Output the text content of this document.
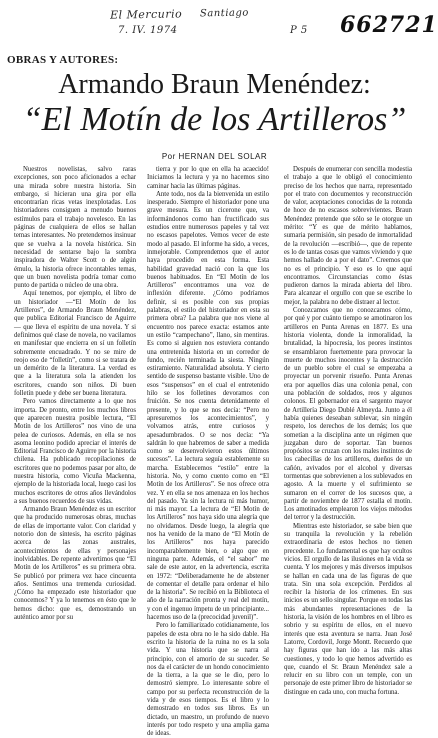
El Mercurio Santiago
7. IV. 1974	P 5 662721
OBRAS Y AUTORES:
Armando Braun Menéndez:
“El Motín de los Artilleros”
Por HERNAN DEL SOLAR

Nuestros novelistas, salvo raras excepciones, son poco aficionados a echar una mirada sobre nuestra historia. Sin embargo, si hicieran una gira por ella encontrarían ricas vetas inexplotadas. Los historiadores consiguen a menudo buenos estímulos para el trabajo novelesco. En las páginas de cualquiera de ellos se hallan temas interesantes. No pretendemos insinuar que se vuelva a la novela histórica. Sin necesidad de sentarse bajo la sombra inspiradora de Walter Scott o de algún émulo, la historia ofrece incontables temas, que un buen novelista podría tomar como punto de partida o núcleo de una obra.

Aquí tenemos, por ejemplo, el libro de un historiador —“El Motín de los Artilleros”, de Armando Braun Menéndez, que publica Editorial Francisco de Aguirre— que lleva el espíritu de una novela. Y si definimos qué clase de novela, no vacilamos en manifestar que encierra en sí un folletín sobremente encuadrado. Y no se mire de reojo eso de “folletín”, como si se tratara de un demérito de la literatura. La verdad es que a la literatura sola la atienden los escritores, cuando son niños. Di buen folletín puede y debe ser buena literatura.

Pero vamos directamente a lo que nos importa. De pronto, entre los muchos libros que aparecen nuestra posible lectura, “El Motín de los Artilleros” nos vino de una pelea de curiosos. Además, en ella se nos asoma leonino podido apreciar el interés de Editorial Francisco de Aguirre por la historia chilena. Ha publicado recopilaciones de escritores que no podemos pasar por alto, de nuestra historia, como Vicuña Mackenna, ejemplo de la historiada local, luego casi los muchos escritores de otros años llevándolos a sus buenos recuerdos de sus vidas.

Armando Braun Menéndez es un escritor que ha producido numerosas obras, muchas de ellas de importante valor. Con claridad y notorio don de síntesis, ha escrito páginas acerca de las zonas australes, acontecimientos de ellas y personajes inolvidables. De repente advertimos que “El Motín de los Artilleros” es su primera obra. Se publicó por primera vez hace cincuenta años. Sentimos una tremenda curiosidad. ¿Cómo ha empezado este historiador que conocemos? Y ya lo tenemos en ésto que le hemos dicho: que es, demostrando un auténtico amor por su

tierra y por lo que en ella ha acaecido! Iniciamos la lectura y ya no hacemos sino caminar hacia las últimas páginas.

Ante todo, nos da la bienvenida un estilo inesperado. Siempre el historiador pone una grave mesura. Es un cicerone que, va informándonos como han fructificado sus estudios entre numerosos papeles y tal vez no escasos papelotes. Vemos vecer de este modo al pasado. El informe ha sido, a veces, inmejorable. Comprendemos que el autor haya procedido en esta forma. Esta habilidad gravedad nació con la que los buenos habituados. En “El Motín de los Artilleros” encontramos una voz de inflexión diferente. ¿Cómo podríamos definir, si es posible con sus propias palabras, el estilo del historiador en esta su primera obra? La palabra que nos viene al encuentro nos parece exacta: estamos ante un estilo “campechano”, llano, sin mentiras. Es como si alguien nos estuviera contando una entretenida historia en un corredor de fundo, recién terminada la siesta. Ningún estiramiento. Naturalidad absoluta. Y cierto sentido de suspenso bastante visible. Uno de esos “suspensos” en el cual el entretenido hilo se los folletines devoramos con fruición. Se nos cuenta detenidamente el presente, y lo que se nos decía: “Pero no apresuremos los acontecimientos”, y volvamos atrás, entre curiosos y apesadumbrados. O se nos decía: “Ya saldrán lo que habremos de saber a medida como se desenvolvieron estos últimos sucesos”. La lectura seguía establemente su marcha. Establecemos “estilo” entre la historia. No, y como cuento como en “El Motín de los Artilleros”. Se nos ofrece otra vez. Y en ella se nos amenaza en los hechos del pasado. Ya sin la lectura ni más humor, ni más mayor. La lectura de “El Motín de los Artilleros” nos haya sido una alegría que no olvidamos. Desde luego, la alegría que nos ha venido de la mano de “El Motín de los Artilleros” nos haya parecido incomparablemente bien, o algo que en ninguna parte. Además, el “el sabor” me sale de este autor, en la advertencia, escrita en 1972: “Deliberadamente he de abstener de comentar el detalle para ordenar el hilo de la historia”. Se recibió en la Biblioteca el año de la narración pronta y real del motín, y con el ingenuo ímpetu de un principiante... hacemos uso de la (precocidad juvenil)”.

Pero lo familiarizado cotidianamente, los papeles de esta obra no le ha sido dable. Ha escrito la historia de la ruina no es la sola vida. Y una historia que se narra al principio, con el amorío de su suceder. Se nos da el carácter de un hondo conocimiento de la tierra, a la que se le dio, pero lo demostró siempre. Lo interesante sobre el campo por su perfecta reconstrucción de la vida y de esos tiempos. Es el libro y lo demostrado en todos sus libros. Es un dictado, un maestro, un profundo de nuevo interés por todo respeto y una amplia gama de ideas.

Después de enumerar con sencilla modestia el trabajo a que le obligó el conocimiento preciso de los hechos que narra, representado por el trato con documentos y reconstrucción de valor, aceptaciones conocidas de la rotonda de hoce de no escasos sobrevivientes. Braun Menéndez pretende que sólo se le otorgue un mérito: “Y es que de mérito hablamos, sumaria permisión, sin pesado de inmortalidad de la revolución —escribió—, que de repente es lo de tantas cosas que vamos viviendo y que hemos hallado de a por el dato”. Creemos que no es el principio. Y eso es lo que aquí encontramos. Circunstancias como éstas pudieron darnos la mirada abierta del libro. Para alcanzar el orgullo con que se escribe lo mejor, la palabra no debe distraer al lector.

Conozcamos que no conozcamos cómo, por qué y por cuánto tiempo se amotinaron los artilleros en Punta Arenas en 1877. Es una historia violenta, donde la inmoralidad, la brutalidad, la hipocresía, los peores instintos se ensamblaron fuertemente para provocar la muerte de muchos inocentes y la destrucción de un pueblo sobre el cual se empezaba a proyectar un porvenir risueño. Punta Arenas era por aquellos días una colonia penal, con una población de soldados, reos y algunos colonos. El gobernador era el sargento mayor de Artillería Diego Dublé Almeyda. Junto a él había quienes deseaban sublevar, sin ningún respeto, los derechos de los demás; los que sometían a la disciplina ante un régimen que juzgaban duro de soportar. Tan buenos propósitos se cruzan con los males instintos de los cabecillas de los artilleros, dueños de un cañón, avivados por el alcohol y diversas tormentas que sobrevienen a los sublevados en agosto. A la muerte y el sufrimiento se sumaron en el correr de los sucesos que, a partir de noviembre de 1877 estalla el motín. Los amotinados emplearon los viejos métodos del terror y la destrucción.

Mientras este historiador, se sabe bien que su tranquila la revolución y la rebelión extraordinaria de estos hechos no tienen precedente. Lo fundamental es que hay ocultos vicios. El orgullo de las ilusiones en la vida se cuenta. Y los mejores y más diversos impulsos se hallan en cada una de las figuras de que trata. Sin una sola excepción. Perdidos al recibir la historia de los crímenes. En sus inicios es un sello singular. Porque en todas las más abundantes representaciones de la historia, la visión de los hombres en el libro es sobrio y su espíritu de ellos, en el nuevo interés que esta aventura se narra. Juan José Latorre, Cordovil, Jorge Montt. Recuerdo que hay figuras que han ido a las más altas cuestiones, y todo lo que hemos advertido es que, cuando el Sr. Braun Menéndez sale a relucir en su libro con un temple, con un personaje de este primer libro de historiador se distingue en cada uno, con mucha fortuna.
